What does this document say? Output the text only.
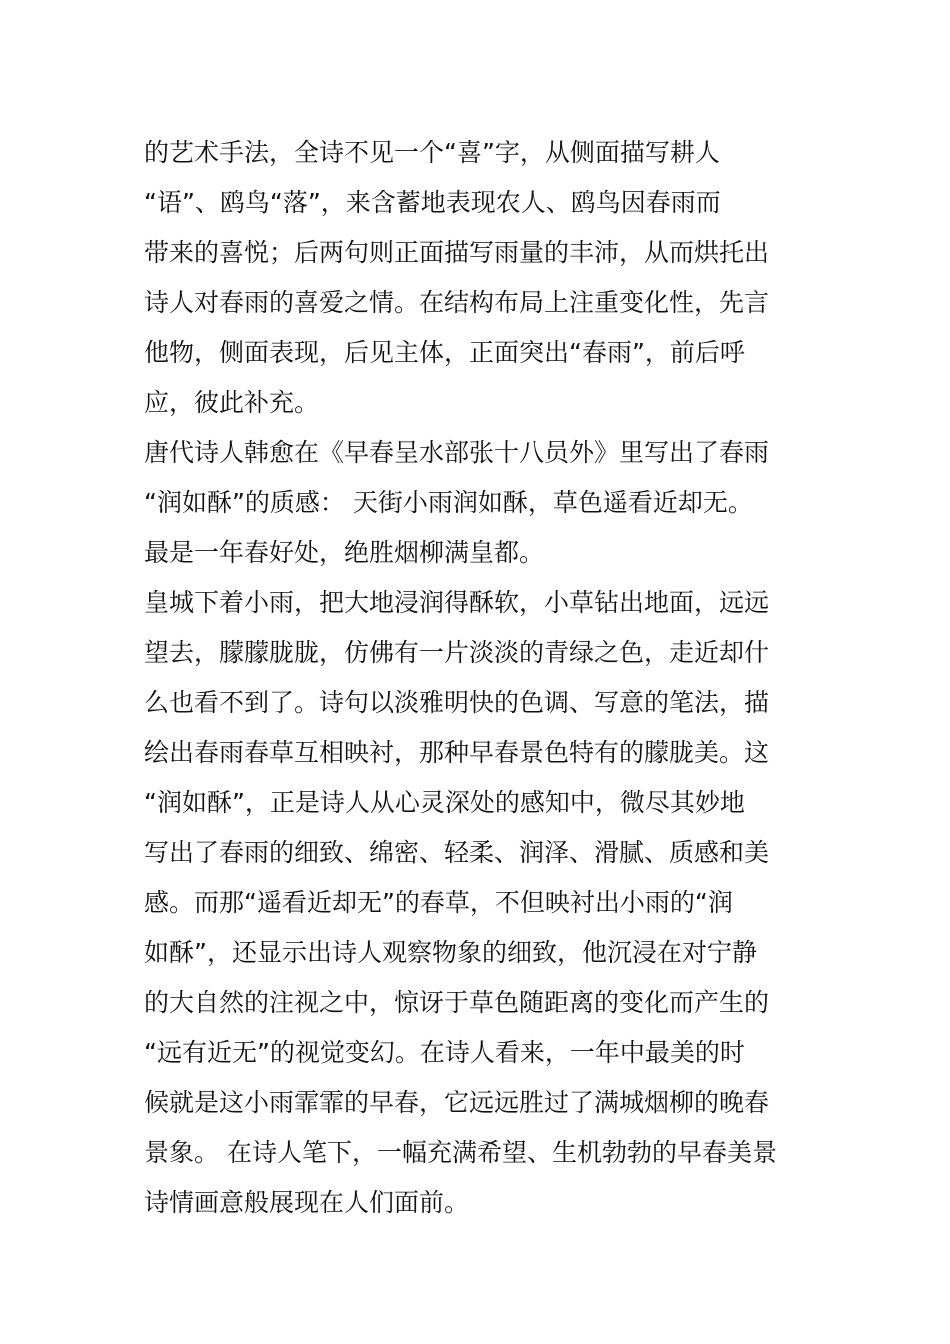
的艺术手法，全诗不见一个“喜”字，从侧面描写耕人
“语”、鸥鸟“落”，来含蓄地表现农人、鸥鸟因春雨而
带来的喜悦；后两句则正面描写雨量的丰沛，从而烘托出
诗人对春雨的喜爱之情。在结构布局上注重变化性，先言
他物，侧面表现，后见主体，正面突出“春雨”，前后呼
应，彼此补充。
唐代诗人韩愈在《早春呈水部张十八员外》里写出了春雨
“润如酥”的质感： 天街小雨润如酥，草色遥看近却无。
最是一年春好处，绝胜烟柳满皇都。
皇城下着小雨，把大地浸润得酥软，小草钻出地面，远远
望去，朦朦胧胧，仿佛有一片淡淡的青绿之色，走近却什
么也看不到了。诗句以淡雅明快的色调、写意的笔法，描
绘出春雨春草互相映衬，那种早春景色特有的朦胧美。这
“润如酥”，正是诗人从心灵深处的感知中，微尽其妙地
写出了春雨的细致、绵密、轻柔、润泽、滑腻、质感和美
感。而那“遥看近却无”的春草，不但映衬出小雨的“润
如酥”，还显示出诗人观察物象的细致，他沉浸在对宁静
的大自然的注视之中，惊讶于草色随距离的变化而产生的
“远有近无”的视觉变幻。在诗人看来，一年中最美的时
候就是这小雨霏霏的早春，它远远胜过了满城烟柳的晚春
景象。 在诗人笔下，一幅充满希望、生机勃勃的早春美景
诗情画意般展现在人们面前。
